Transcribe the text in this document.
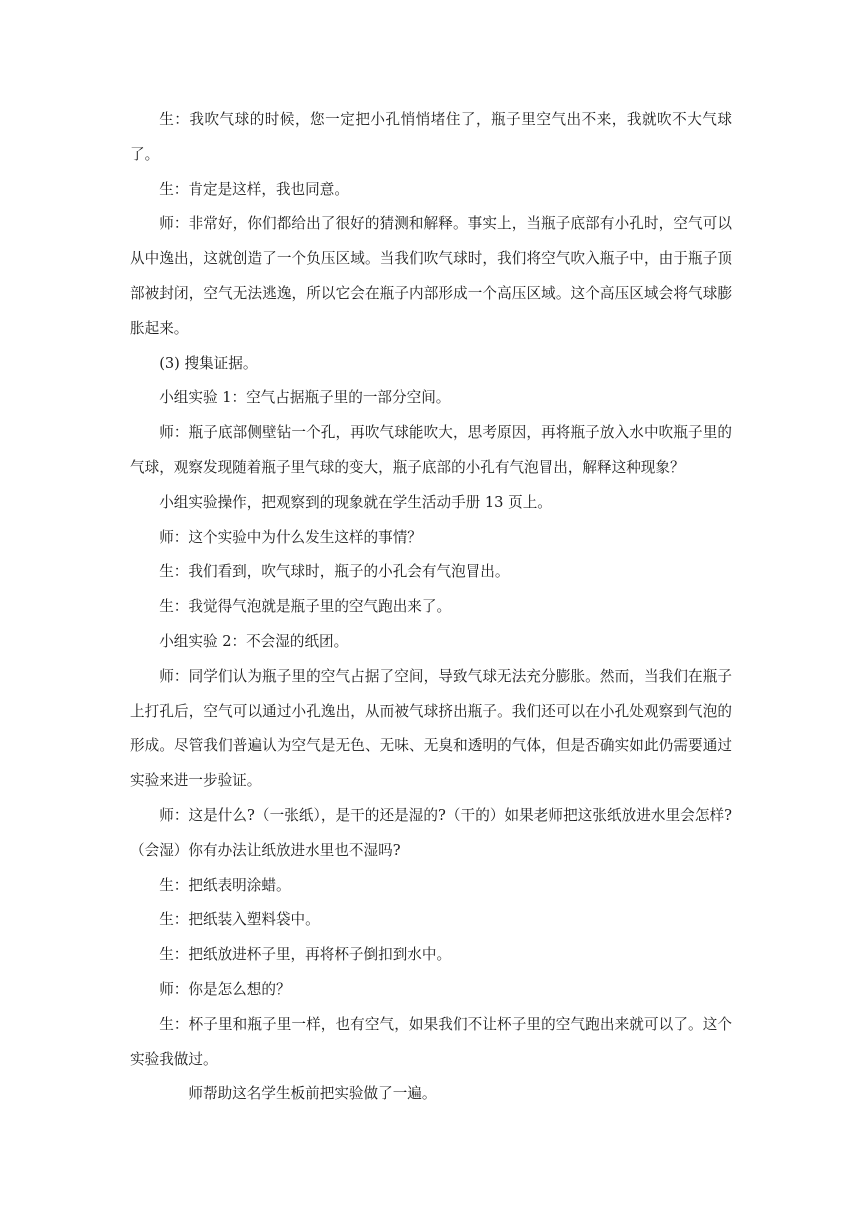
生：我吹气球的时候，您一定把小孔悄悄堵住了，瓶子里空气出不来，我就吹不大气球了。

生：肯定是这样，我也同意。

师：非常好，你们都给出了很好的猜测和解释。事实上，当瓶子底部有小孔时，空气可以从中逸出，这就创造了一个负压区域。当我们吹气球时，我们将空气吹入瓶子中，由于瓶子顶部被封闭，空气无法逃逸，所以它会在瓶子内部形成一个高压区域。这个高压区域会将气球膨胀起来。

(3) 搜集证据。

小组实验 1：空气占据瓶子里的一部分空间。

师：瓶子底部侧壁钻一个孔，再吹气球能吹大，思考原因，再将瓶子放入水中吹瓶子里的气球，观察发现随着瓶子里气球的变大，瓶子底部的小孔有气泡冒出，解释这种现象？

小组实验操作，把观察到的现象就在学生活动手册 13 页上。

师：这个实验中为什么发生这样的事情？

生：我们看到，吹气球时，瓶子的小孔会有气泡冒出。

生：我觉得气泡就是瓶子里的空气跑出来了。

小组实验 2：不会湿的纸团。

师：同学们认为瓶子里的空气占据了空间，导致气球无法充分膨胀。然而，当我们在瓶子上打孔后，空气可以通过小孔逸出，从而被气球挤出瓶子。我们还可以在小孔处观察到气泡的形成。尽管我们普遍认为空气是无色、无味、无臭和透明的气体，但是否确实如此仍需要通过实验来进一步验证。

师：这是什么?（一张纸），是干的还是湿的?（干的）如果老师把这张纸放进水里会怎样?（会湿）你有办法让纸放进水里也不湿吗?

生：把纸表明涂蜡。

生：把纸装入塑料袋中。

生：把纸放进杯子里，再将杯子倒扣到水中。

师：你是怎么想的？

生：杯子里和瓶子里一样，也有空气，如果我们不让杯子里的空气跑出来就可以了。这个实验我做过。

师帮助这名学生板前把实验做了一遍。
